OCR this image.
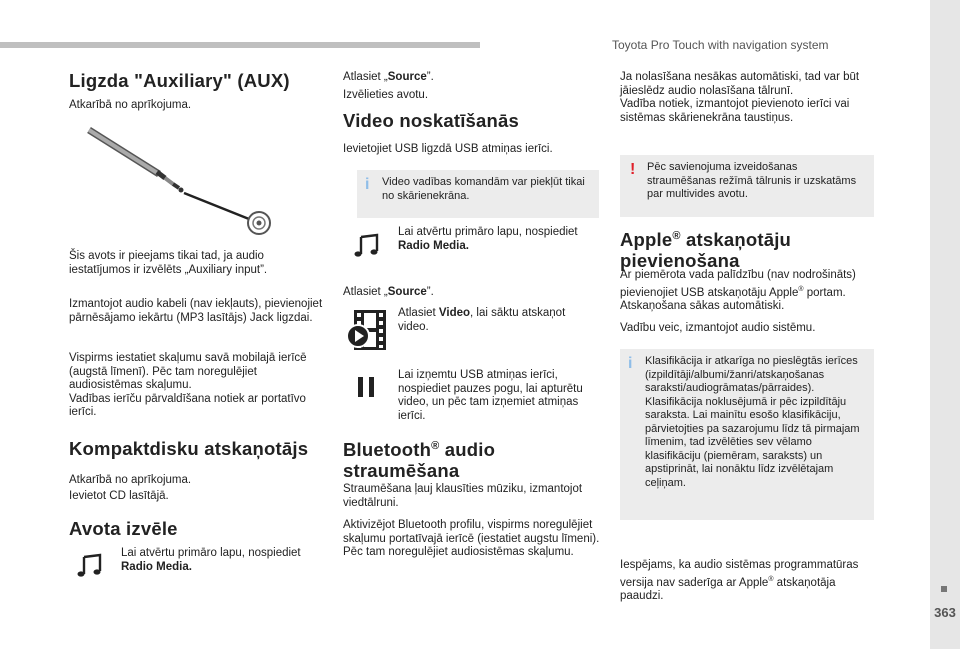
Toyota Pro Touch with navigation system
363
Ligzda "Auxiliary" (AUX)

Atkarībā no aprīkojuma.

Šis avots ir pieejams tikai tad, ja audio iestatījumos ir izvēlēts „Auxiliary input”.

Izmantojot audio kabeli (nav iekļauts), pievienojiet pārnēsājamo iekārtu (MP3 lasītājs) Jack ligzdai.

Vispirms iestatiet skaļumu savā mobilajā ierīcē (augstā līmenī). Pēc tam noregulējiet audiosistēmas skaļumu.
Vadības ierīču pārvaldīšana notiek ar portatīvo ierīci.

Kompaktdisku atskaņotājs

Atkarībā no aprīkojuma.

Ievietot CD lasītājā.

Avota izvēle

Lai atvērtu primāro lapu, nospiediet Radio Media.

Atlasiet „Source”.

Izvēlieties avotu.

Video noskatīšanās

Ievietojiet USB ligzdā USB atmiņas ierīci.

i Video vadības komandām var piekļūt tikai no skārienekrāna.

Lai atvērtu primāro lapu, nospiediet Radio Media.

Atlasiet „Source”.

Atlasiet Video, lai sāktu atskaņot video.

Lai izņemtu USB atmiņas ierīci, nospiediet pauzes pogu, lai apturētu video, un pēc tam izņemiet atmiņas ierīci.

Bluetooth® audio
straumēšana

Straumēšana ļauj klausīties mūziku, izmantojot viedtālruni.

Aktivizējot Bluetooth profilu, vispirms noregulējiet skaļumu portatīvajā ierīcē (iestatiet augstu līmeni).
Pēc tam noregulējiet audiosistēmas skaļumu.

Ja nolasīšana nesākas automātiski, tad var būt jāieslēdz audio nolasīšana tālrunī.
Vadība notiek, izmantojot pievienoto ierīci vai sistēmas skārienekrāna taustiņus.

! Pēc savienojuma izveidošanas straumēšanas režīmā tālrunis ir uzskatāms par multivides avotu.
Apple® atskaņotāju
pievienošana

Ar piemērota vada palīdzību (nav nodrošināts) pievienojiet USB atskaņotāju Apple® portam.
Atskaņošana sākas automātiski.

Vadību veic, izmantojot audio sistēmu.

i Klasifikācija ir atkarīga no pieslēgtās ierīces (izpildītāji/albumi/žanri/atskaņošanas saraksti/audiogrāmatas/pārraides).
Klasifikācija noklusējumā ir pēc izpildītāju saraksta. Lai mainītu esošo klasifikāciju, pārvietojties pa sazarojumu līdz tā pirmajam līmenim, tad izvēlēties sev vēlamo klasifikāciju (piemēram, saraksts) un apstiprināt, lai nonāktu līdz izvēlētajam ceļiņam.

Iespējams, ka audio sistēmas programmatūras versija nav saderīga ar Apple® atskaņotāja paaudzi.
